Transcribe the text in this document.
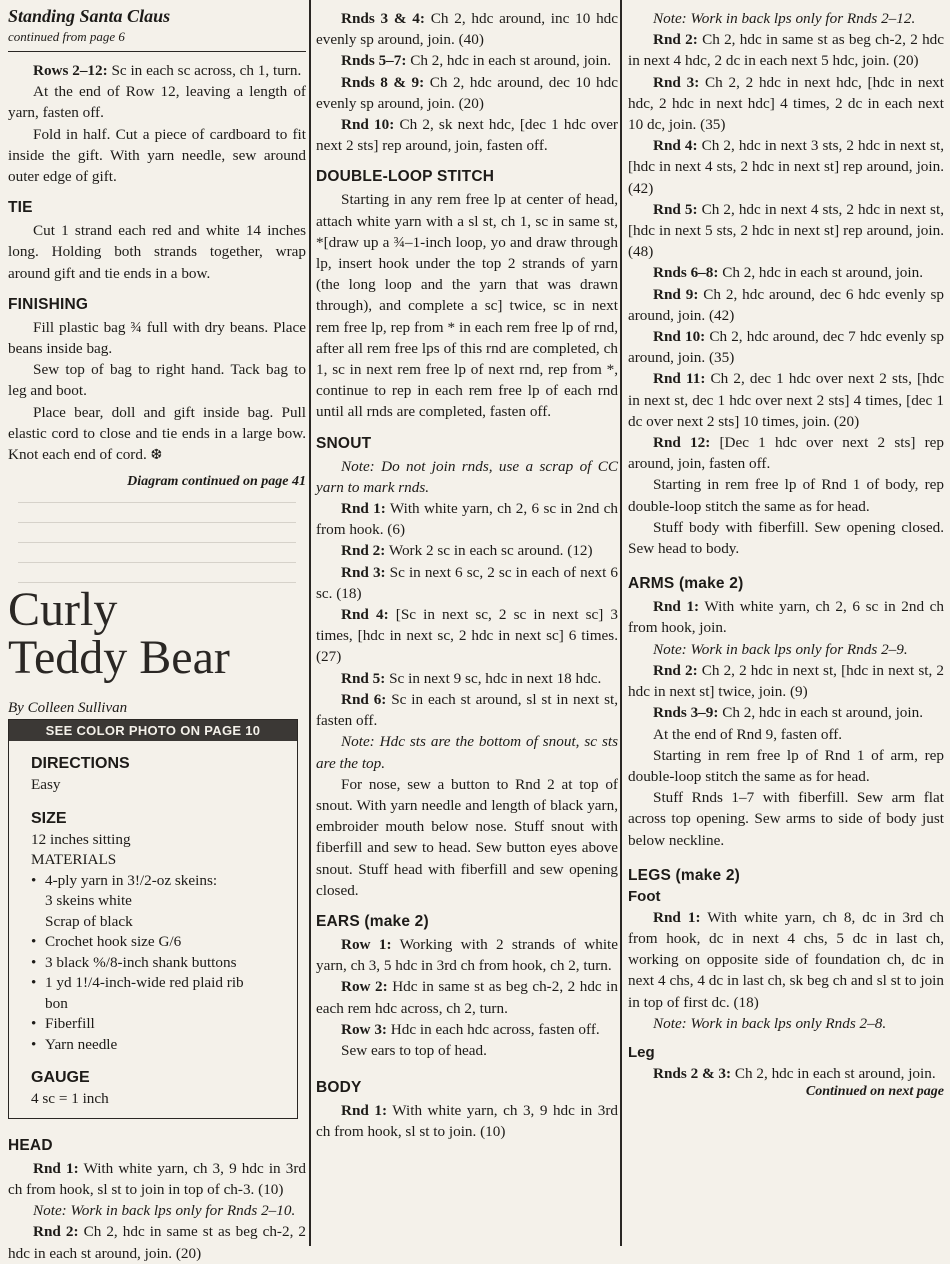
Standing Santa Claus
continued from page 6

Rows 2–12: Sc in each sc across, ch 1, turn.

At the end of Row 12, leaving a length of yarn, fasten off.

Fold in half. Cut a piece of cardboard to fit inside the gift. With yarn needle, sew around outer edge of gift.

TIE

Cut 1 strand each red and white 14 inches long. Holding both strands together, wrap around gift and tie ends in a bow.

FINISHING

Fill plastic bag ¾ full with dry beans. Place beans inside bag.

Sew top of bag to right hand. Tack bag to leg and boot.

Place bear, doll and gift inside bag. Pull elastic cord to close and tie ends in a large bow. Knot each end of cord. ❆

Diagram continued on page 41
Curly
Teddy Bear
By Colleen Sullivan
SEE COLOR PHOTO ON PAGE 10
DIRECTIONS
Easy
SIZE
12 inches sitting
MATERIALS
• 4-ply yarn in 3!/2-oz skeins:
3 skeins white
Scrap of black
• Crochet hook size G/6
• 3 black %/8-inch shank buttons
• 1 yd 1!/4-inch-wide red plaid rib
bon
• Fiberfill
• Yarn needle
GAUGE
4 sc = 1 inch
HEAD

Rnd 1: With white yarn, ch 3, 9 hdc in 3rd ch from hook, sl st to join in top of ch-3. (10)

Note: Work in back lps only for Rnds 2–10.

Rnd 2: Ch 2, hdc in same st as beg ch-2, 2 hdc in each st around, join. (20)

Rnds 3 & 4: Ch 2, hdc around, inc 10 hdc evenly sp around, join. (40)

Rnds 5–7: Ch 2, hdc in each st around, join.

Rnds 8 & 9: Ch 2, hdc around, dec 10 hdc evenly sp around, join. (20)

Rnd 10: Ch 2, sk next hdc, [dec 1 hdc over next 2 sts] rep around, join, fasten off.

DOUBLE-LOOP STITCH

Starting in any rem free lp at center of head, attach white yarn with a sl st, ch 1, sc in same st, *[draw up a ¾–1-inch loop, yo and draw through lp, insert hook under the top 2 strands of yarn (the long loop and the yarn that was drawn through), and complete a sc] twice, sc in next rem free lp, rep from * in each rem free lp of rnd, after all rem free lps of this rnd are completed, ch 1, sc in next rem free lp of next rnd, rep from *, continue to rep in each rem free lp of each rnd until all rnds are completed, fasten off.

SNOUT

Note: Do not join rnds, use a scrap of CC yarn to mark rnds.

Rnd 1: With white yarn, ch 2, 6 sc in 2nd ch from hook. (6)

Rnd 2: Work 2 sc in each sc around. (12)

Rnd 3: Sc in next 6 sc, 2 sc in each of next 6 sc. (18)

Rnd 4: [Sc in next sc, 2 sc in next sc] 3 times, [hdc in next sc, 2 hdc in next sc] 6 times. (27)

Rnd 5: Sc in next 9 sc, hdc in next 18 hdc.

Rnd 6: Sc in each st around, sl st in next st, fasten off.

Note: Hdc sts are the bottom of snout, sc sts are the top.

For nose, sew a button to Rnd 2 at top of snout. With yarn needle and length of black yarn, embroider mouth below nose. Stuff snout with fiberfill and sew to head. Sew button eyes above snout. Stuff head with fiberfill and sew opening closed.

EARS (make 2)

Row 1: Working with 2 strands of white yarn, ch 3, 5 hdc in 3rd ch from hook, ch 2, turn.

Row 2: Hdc in same st as beg ch-2, 2 hdc in each rem hdc across, ch 2, turn.

Row 3: Hdc in each hdc across, fasten off.

Sew ears to top of head.

BODY

Rnd 1: With white yarn, ch 3, 9 hdc in 3rd ch from hook, sl st to join. (10)

Note: Work in back lps only for Rnds 2–12.

Rnd 2: Ch 2, hdc in same st as beg ch-2, 2 hdc in next 4 hdc, 2 dc in each next 5 hdc, join. (20)

Rnd 3: Ch 2, 2 hdc in next hdc, [hdc in next hdc, 2 hdc in next hdc] 4 times, 2 dc in each next 10 dc, join. (35)

Rnd 4: Ch 2, hdc in next 3 sts, 2 hdc in next st, [hdc in next 4 sts, 2 hdc in next st] rep around, join. (42)

Rnd 5: Ch 2, hdc in next 4 sts, 2 hdc in next st, [hdc in next 5 sts, 2 hdc in next st] rep around, join. (48)

Rnds 6–8: Ch 2, hdc in each st around, join.

Rnd 9: Ch 2, hdc around, dec 6 hdc evenly sp around, join. (42)

Rnd 10: Ch 2, hdc around, dec 7 hdc evenly sp around, join. (35)

Rnd 11: Ch 2, dec 1 hdc over next 2 sts, [hdc in next st, dec 1 hdc over next 2 sts] 4 times, [dec 1 dc over next 2 sts] 10 times, join. (20)

Rnd 12: [Dec 1 hdc over next 2 sts] rep around, join, fasten off.

Starting in rem free lp of Rnd 1 of body, rep double-loop stitch the same as for head.

Stuff body with fiberfill. Sew opening closed. Sew head to body.

ARMS (make 2)

Rnd 1: With white yarn, ch 2, 6 sc in 2nd ch from hook, join.

Note: Work in back lps only for Rnds 2–9.

Rnd 2: Ch 2, 2 hdc in next st, [hdc in next st, 2 hdc in next st] twice, join. (9)

Rnds 3–9: Ch 2, hdc in each st around, join.

At the end of Rnd 9, fasten off.

Starting in rem free lp of Rnd 1 of arm, rep double-loop stitch the same as for head.

Stuff Rnds 1–7 with fiberfill. Sew arm flat across top opening. Sew arms to side of body just below neckline.

LEGS (make 2)
Foot

Rnd 1: With white yarn, ch 8, dc in 3rd ch from hook, dc in next 4 chs, 5 dc in last ch, working on opposite side of foundation ch, dc in next 4 chs, 4 dc in last ch, sk beg ch and sl st to join in top of first dc. (18)

Note: Work in back lps only Rnds 2–8.

Leg

Rnds 2 & 3: Ch 2, hdc in each st around, join.

Continued on next page
